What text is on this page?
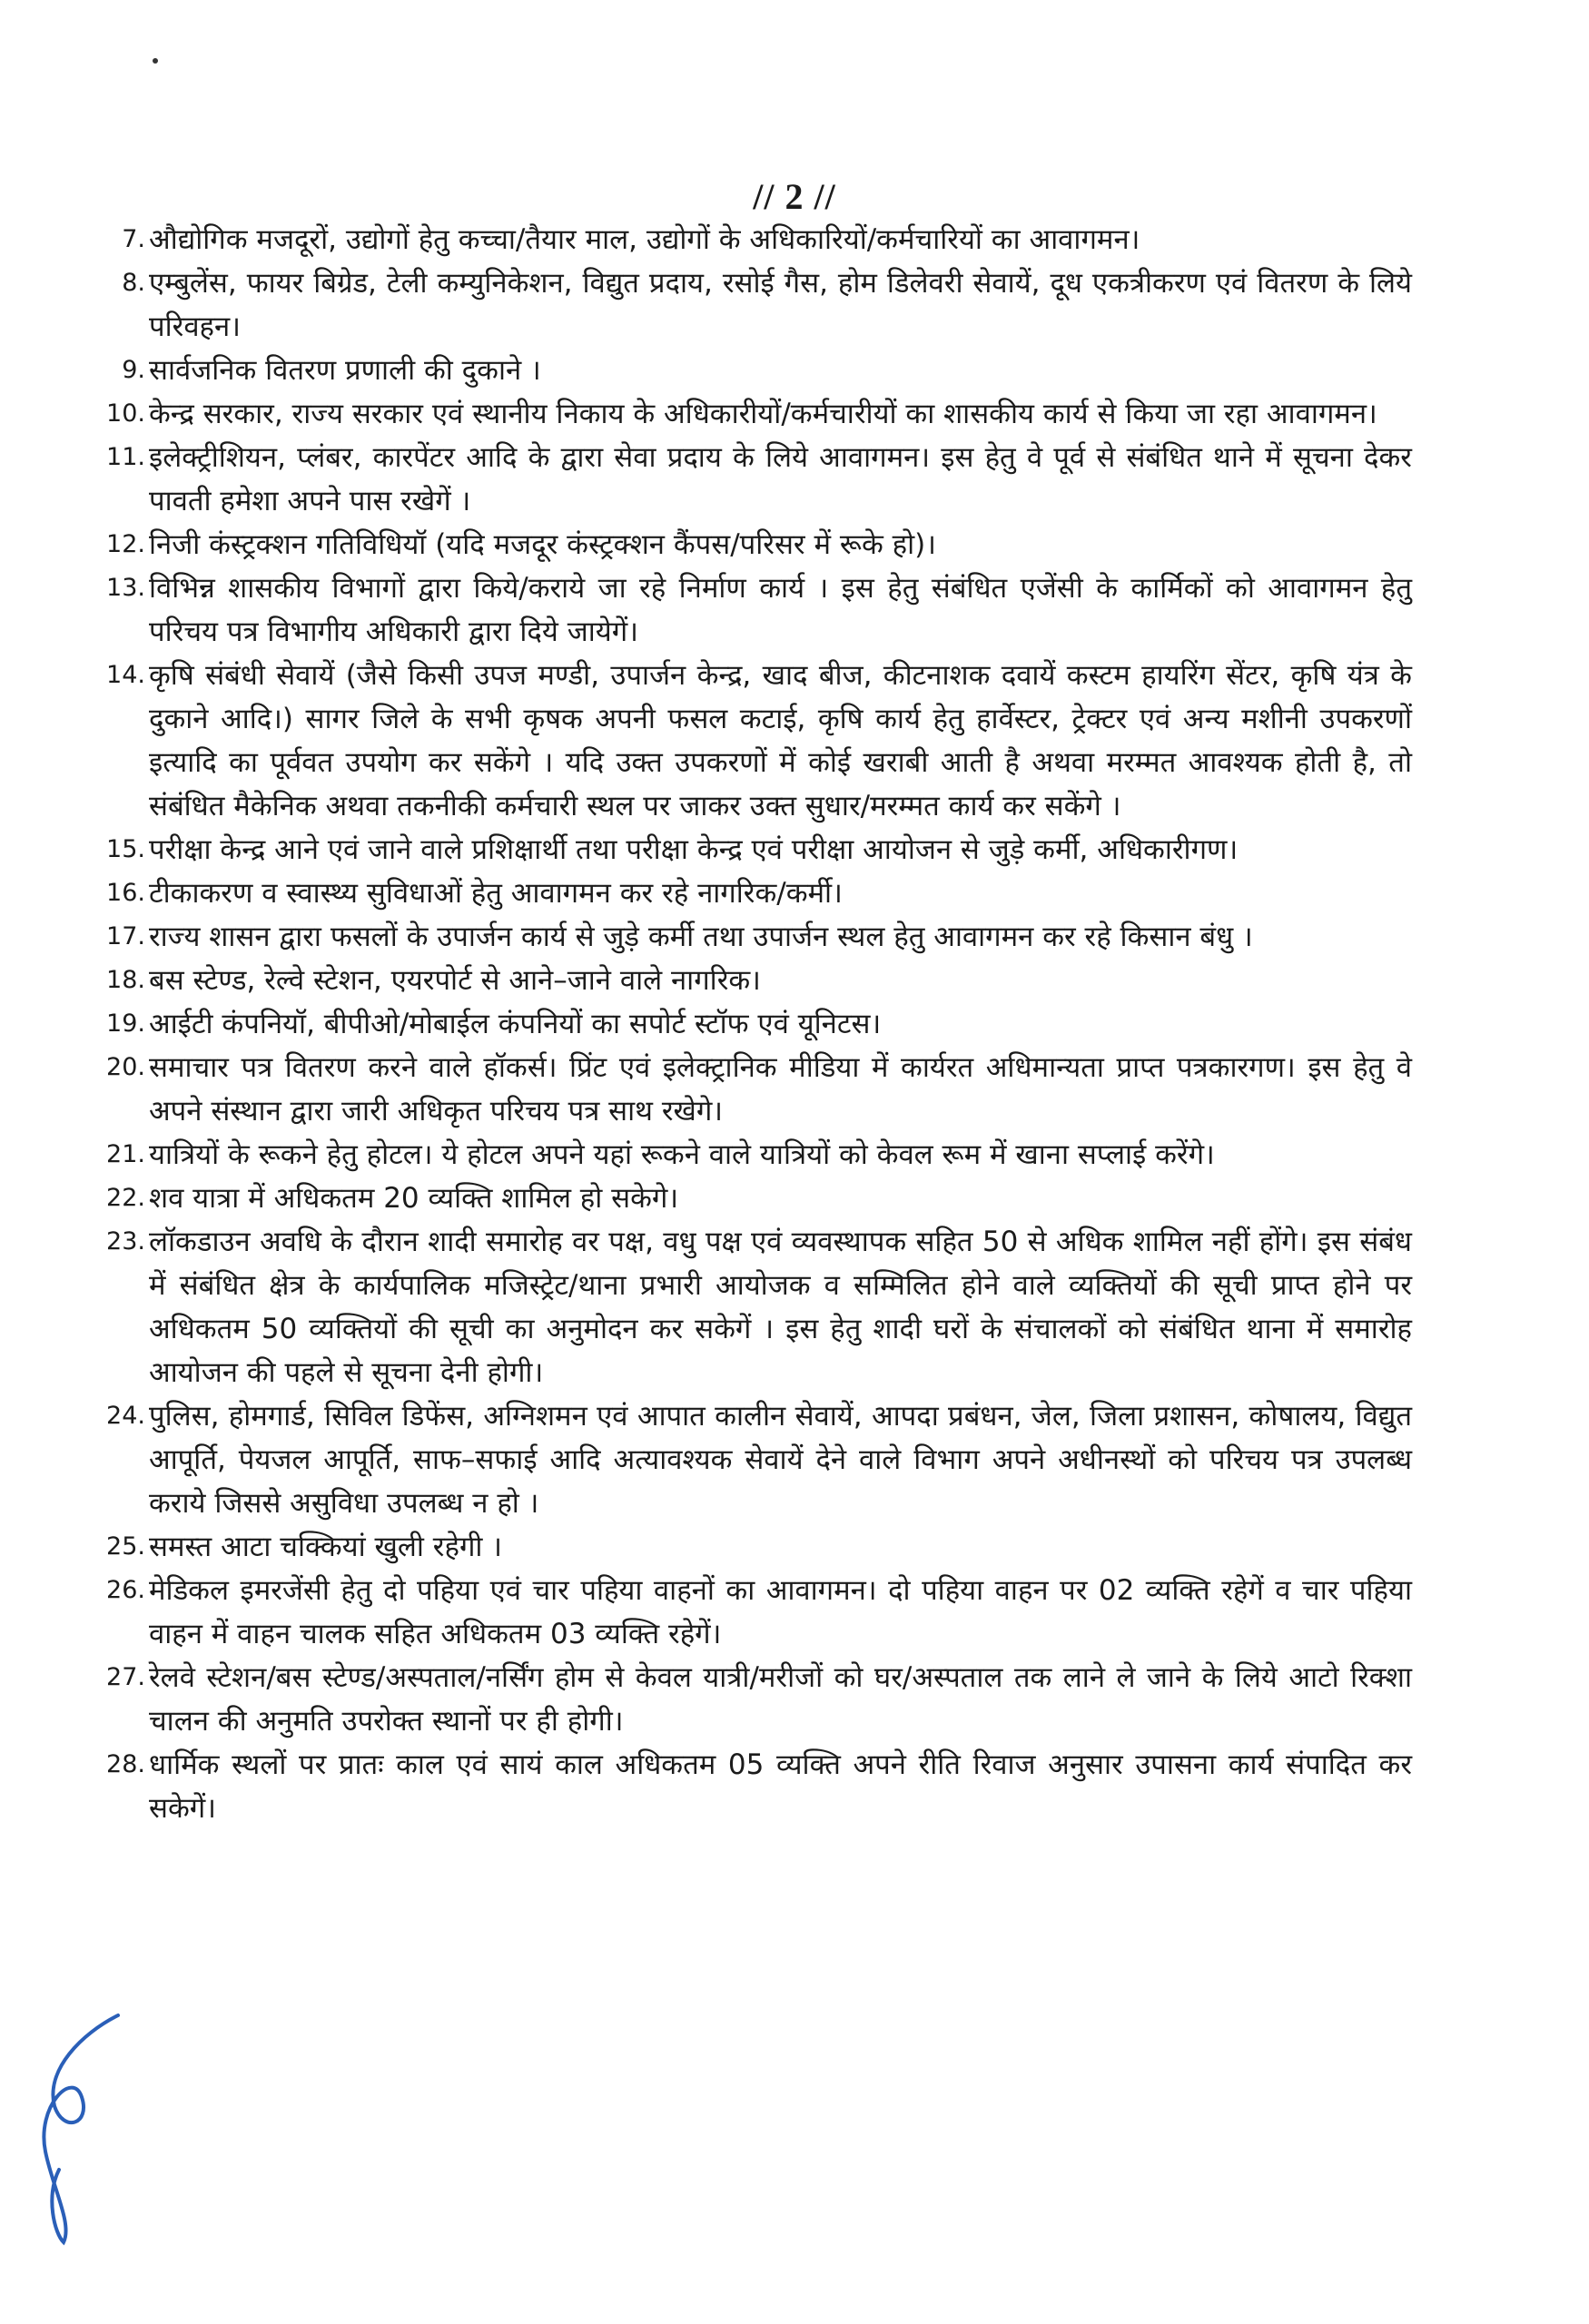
// 2 //
7. औद्योगिक मजदूरों, उद्योगों हेतु कच्चा/तैयार माल, उद्योगों के अधिकारियों/कर्मचारियों का आवागमन।
8. एम्बुलेंस, फायर बिग्रेड, टेली कम्युनिकेशन, विद्युत प्रदाय, रसोई गैस, होम डिलेवरी सेवायें, दूध एकत्रीकरण एवं वितरण के लिये परिवहन।
9. सार्वजनिक वितरण प्रणाली की दुकाने ।
10. केन्द्र सरकार, राज्य सरकार एवं स्थानीय निकाय के अधिकारीयों/कर्मचारीयों का शासकीय कार्य से किया जा रहा आवागमन।
11. इलेक्ट्रीशियन, प्लंबर, कारपेंटर आदि के द्वारा सेवा प्रदाय के लिये आवागमन। इस हेतु वे पूर्व से संबंधित थाने में सूचना देकर पावती हमेशा अपने पास रखेगें ।
12. निजी कंस्ट्रक्शन गतिविधियॉ (यदि मजदूर कंस्ट्रक्शन कैंपस/परिसर में रूके हो)।
13. विभिन्न शासकीय विभागों द्वारा किये/कराये जा रहे निर्माण कार्य । इस हेतु संबंधित एजेंसी के कार्मिकों को आवागमन हेतु परिचय पत्र विभागीय अधिकारी द्वारा दिये जायेगें।
14. कृषि संबंधी सेवायें (जैसे किसी उपज मण्डी, उपार्जन केन्द्र, खाद बीज, कीटनाशक दवायें कस्टम हायरिंग सेंटर, कृषि यंत्र के दुकाने आदि।) सागर जिले के सभी कृषक अपनी फसल कटाई, कृषि कार्य हेतु हार्वेस्टर, ट्रेक्टर एवं अन्य मशीनी उपकरणों इत्यादि का पूर्ववत उपयोग कर सकेंगे । यदि उक्त उपकरणों में कोई खराबी आती है अथवा मरम्मत आवश्यक होती है, तो संबंधित मैकेनिक अथवा तकनीकी कर्मचारी स्थल पर जाकर उक्त सुधार/मरम्मत कार्य कर सकेंगे ।
15. परीक्षा केन्द्र आने एवं जाने वाले प्रशिक्षार्थी तथा परीक्षा केन्द्र एवं परीक्षा आयोजन से जुड़े कर्मी, अधिकारीगण।
16. टीकाकरण व स्वास्थ्य सुविधाओं हेतु आवागमन कर रहे नागरिक/कर्मी।
17. राज्य शासन द्वारा फसलों के उपार्जन कार्य से जुड़े कर्मी तथा उपार्जन स्थल हेतु आवागमन कर रहे किसान बंधु ।
18. बस स्टेण्ड, रेल्वे स्टेशन, एयरपोर्ट से आने–जाने वाले नागरिक।
19. आईटी कंपनियॉ, बीपीओ/मोबाईल कंपनियों का सपोर्ट स्टॉफ एवं यूनिटस।
20. समाचार पत्र वितरण करने वाले हॉकर्स। प्रिंट एवं इलेक्ट्रानिक मीडिया में कार्यरत अधिमान्यता प्राप्त पत्रकारगण। इस हेतु वे अपने संस्थान द्वारा जारी अधिकृत परिचय पत्र साथ रखेगे।
21. यात्रियों के रूकने हेतु होटल। ये होटल अपने यहां रूकने वाले यात्रियों को केवल रूम में खाना सप्लाई करेंगे।
22. शव यात्रा में अधिकतम 20 व्यक्ति शामिल हो सकेगे।
23. लॉकडाउन अवधि के दौरान शादी समारोह वर पक्ष, वधु पक्ष एवं व्यवस्थापक सहित 50 से अधिक शामिल नहीं होंगे। इस संबंध में संबंधित क्षेत्र के कार्यपालिक मजिस्ट्रेट/थाना प्रभारी आयोजक व सम्मिलित होने वाले व्यक्तियों की सूची प्राप्त होने पर अधिकतम 50 व्यक्तियों की सूची का अनुमोदन कर सकेगें । इस हेतु शादी घरों के संचालकों को संबंधित थाना में समारोह आयोजन की पहले से सूचना देनी होगी।
24. पुलिस, होमगार्ड, सिविल डिफेंस, अग्निशमन एवं आपात कालीन सेवायें, आपदा प्रबंधन, जेल, जिला प्रशासन, कोषालय, विद्युत आपूर्ति, पेयजल आपूर्ति, साफ–सफाई आदि अत्यावश्यक सेवायें देने वाले विभाग अपने अधीनस्थों को परिचय पत्र उपलब्ध कराये जिससे असुविधा उपलब्ध न हो ।
25. समस्त आटा चक्कियां खुली रहेगी ।
26. मेडिकल इमरजेंसी हेतु दो पहिया एवं चार पहिया वाहनों का आवागमन। दो पहिया वाहन पर 02 व्यक्ति रहेगें व चार पहिया वाहन में वाहन चालक सहित अधिकतम 03 व्यक्ति रहेगें।
27. रेलवे स्टेशन/बस स्टेण्ड/अस्पताल/नर्सिंग होम से केवल यात्री/मरीजों को घर/अस्पताल तक लाने ले जाने के लिये आटो रिक्शा चालन की अनुमति उपरोक्त स्थानों पर ही होगी।
28. धार्मिक स्थलों पर प्रातः काल एवं सायं काल अधिकतम 05 व्यक्ति अपने रीति रिवाज अनुसार उपासना कार्य संपादित कर सकेगें।
